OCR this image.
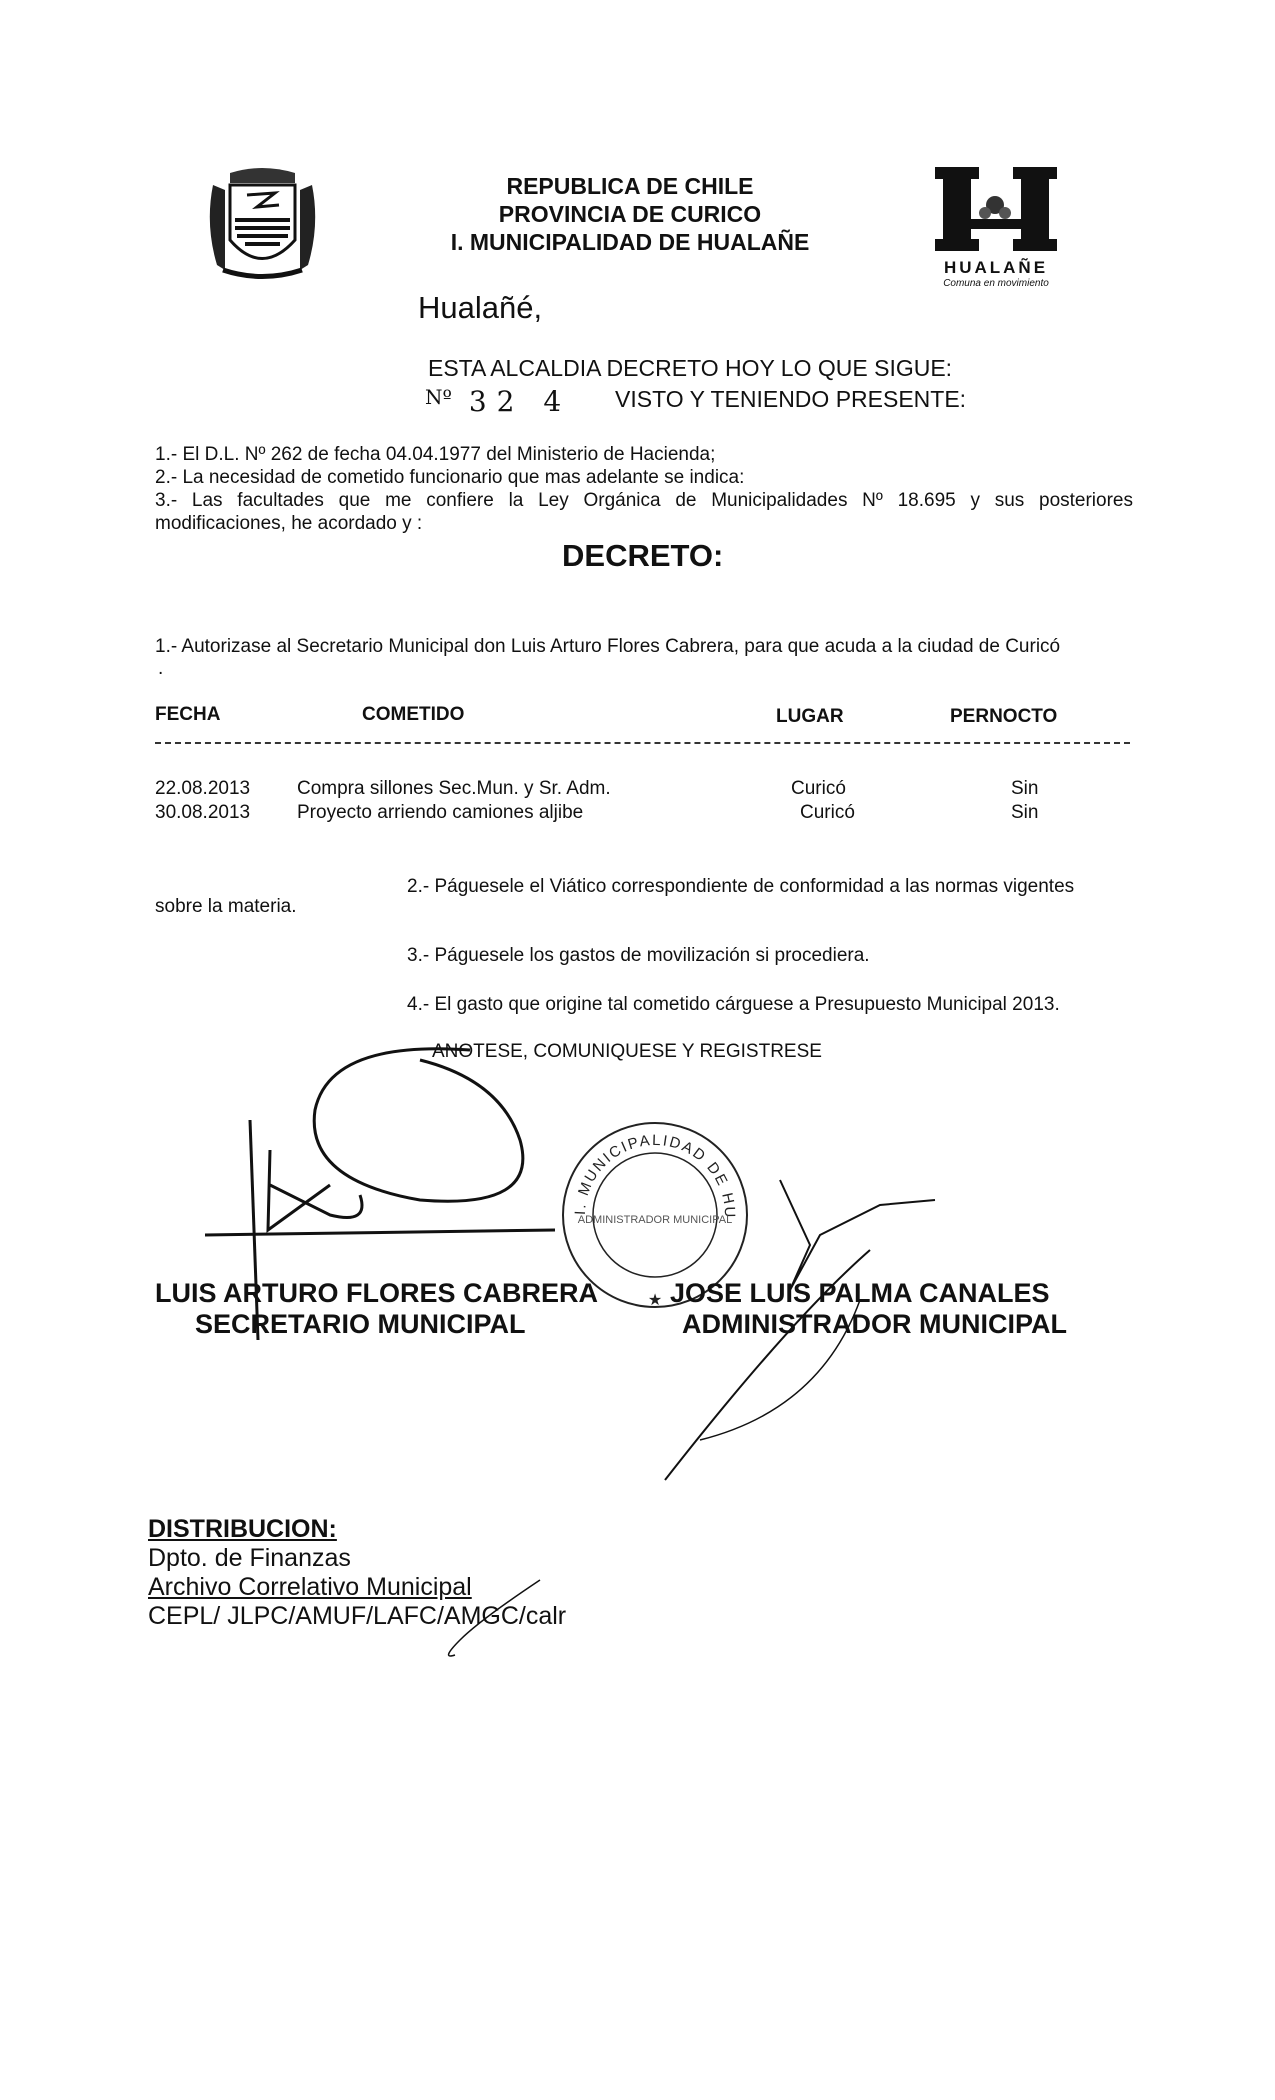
REPUBLICA DE CHILE
PROVINCIA DE CURICO
I. MUNICIPALIDAD DE HUALAÑE
HUALAÑE
Comuna en movimiento
Hualañé,
ESTA ALCALDIA DECRETO HOY LO QUE SIGUE:
$^{Nº}$ 32 4 VISTO Y TENIENDO PRESENTE:
1.- El D.L. Nº 262 de fecha 04.04.1977 del Ministerio de Hacienda;
2.- La necesidad de cometido funcionario que mas adelante se indica:
3.- Las facultades que me confiere la Ley Orgánica de Municipalidades Nº 18.695 y sus posteriores
modificaciones, he acordado y :
DECRETO:
1.- Autorizase al Secretario Municipal don Luis Arturo Flores Cabrera, para que acuda a la ciudad de Curicó
.
FECHA	COMETIDO	LUGAR	PERNOCTO
22.08.2013 Compra sillones Sec.Mun. y Sr. Adm.	Curicó	Sin
30.08.2013 Proyecto arriendo camiones aljibe	Curicó	Sin
2.- Páguesele el Viático correspondiente de conformidad a las normas vigentes
sobre la materia.
3.- Páguesele los gastos de movilización si procediera.
4.- El gasto que origine tal cometido cárguese a Presupuesto Municipal 2013.
ANOTESE, COMUNIQUESE Y REGISTRESE
I. MUNICIPALIDAD DE HUALAÑE
ADMINISTRADOR MUNICIPAL
★
LUIS ARTURO FLORES CABRERA
SECRETARIO MUNICIPAL
JOSE LUIS PALMA CANALES
ADMINISTRADOR MUNICIPAL
DISTRIBUCION:
Dpto. de Finanzas
Archivo Correlativo Municipal
CEPL/ JLPC/AMUF/LAFC/AMGC/calr
